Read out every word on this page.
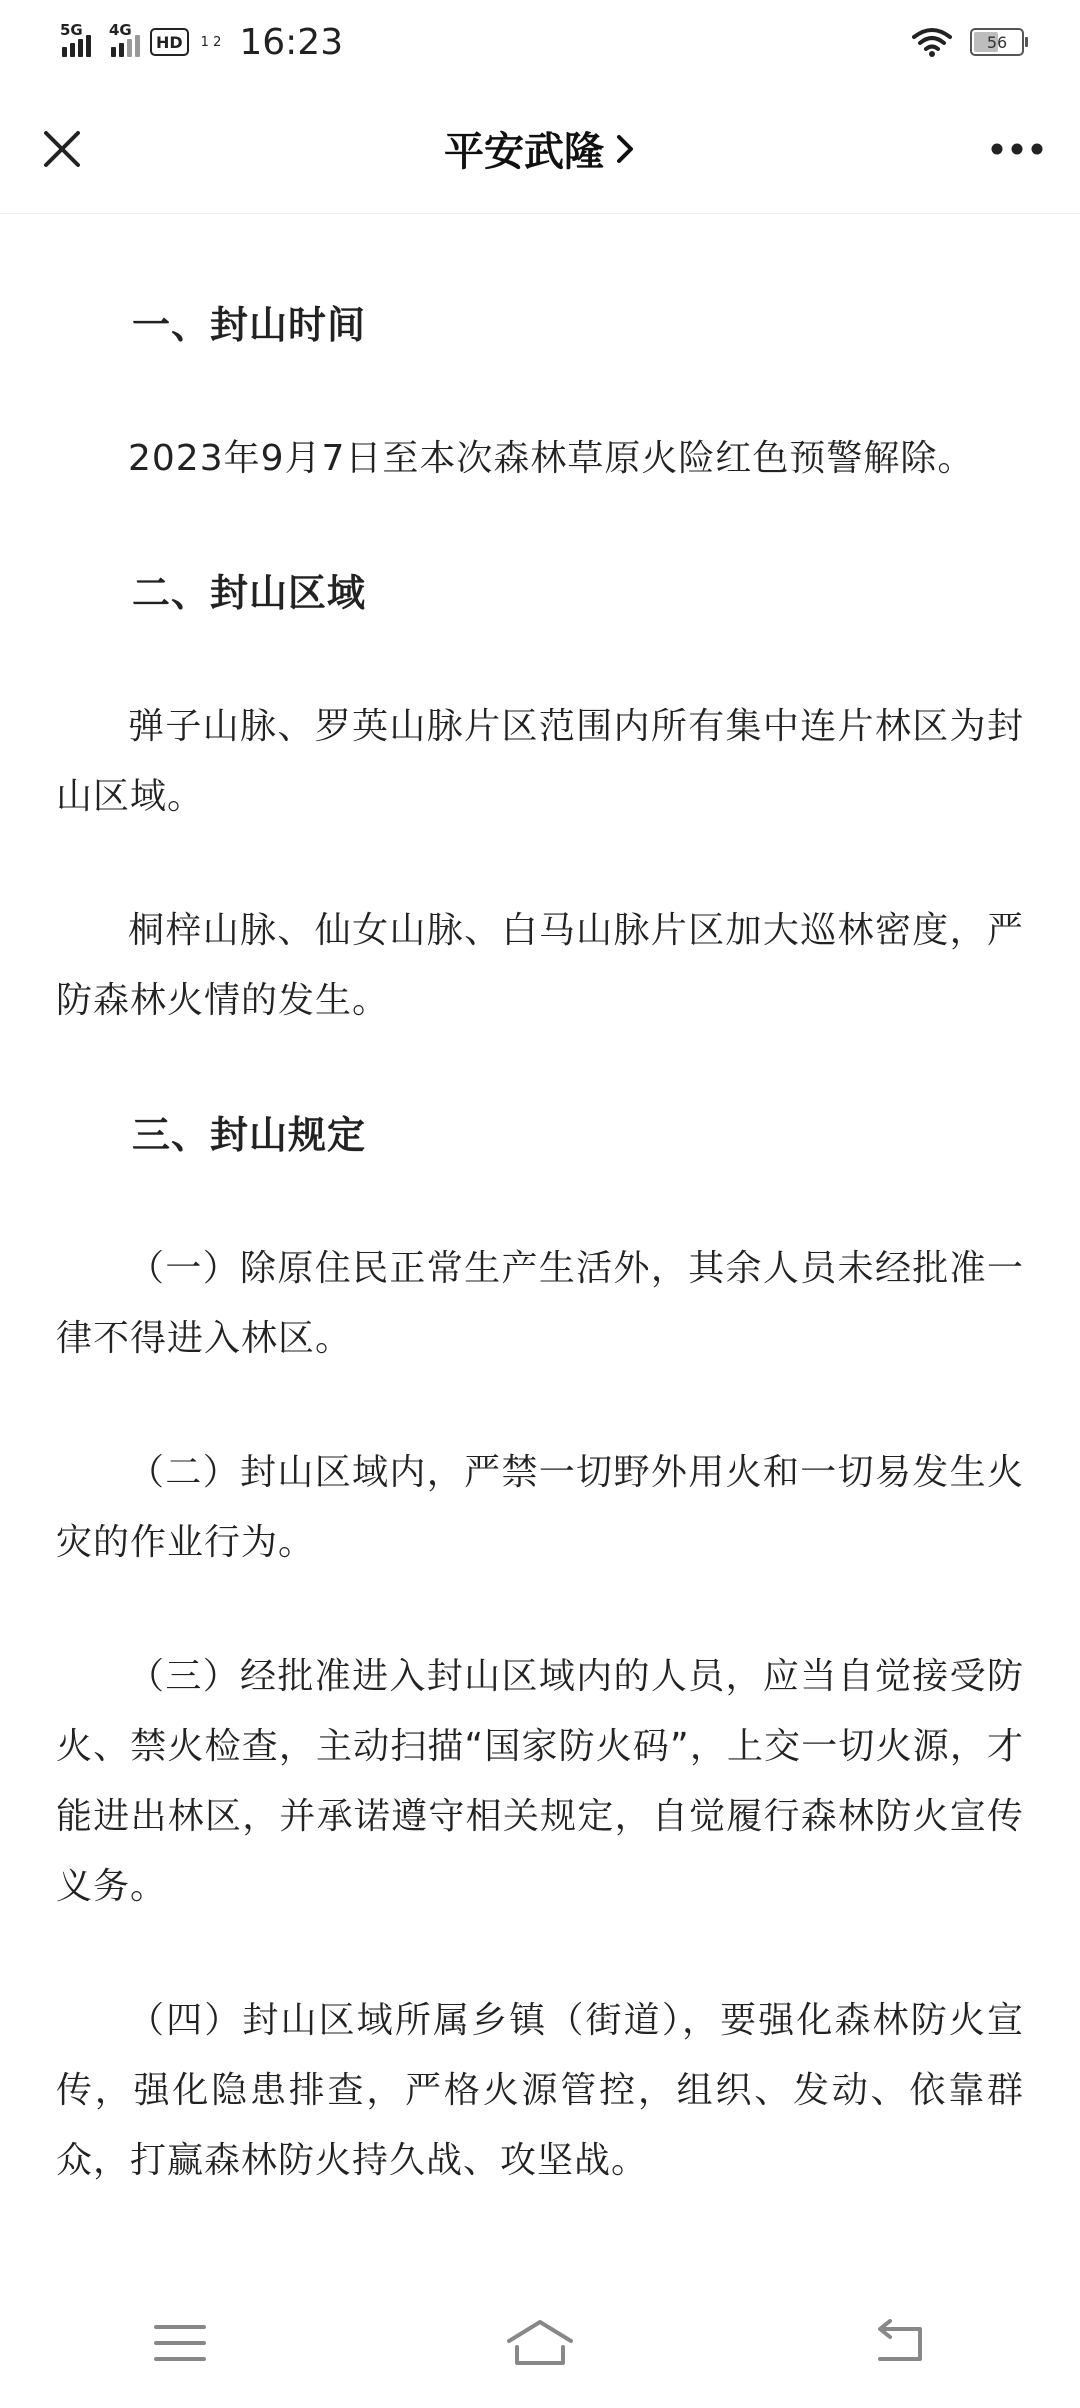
5G 4G
HD 1 2 16:23	56
平安武隆
一、封山时间

2023年9月7日至本次森林草原火险红色预警解除。

二、封山区域

弹子山脉、罗英山脉片区范围内所有集中连片林区为封山区域。

桐梓山脉、仙女山脉、白马山脉片区加大巡林密度，严防森林火情的发生。

三、封山规定

（一）除原住民正常生产生活外，其余人员未经批准一律不得进入林区。

（二）封山区域内，严禁一切野外用火和一切易发生火灾的作业行为。

（三）经批准进入封山区域内的人员，应当自觉接受防火、禁火检查，主动扫描“国家防火码”，上交一切火源，才能进出林区，并承诺遵守相关规定，自觉履行森林防火宣传义务。

（四）封山区域所属乡镇（街道），要强化森林防火宣传，强化隐患排查，严格火源管控，组织、发动、依靠群众，打赢森林防火持久战、攻坚战。
